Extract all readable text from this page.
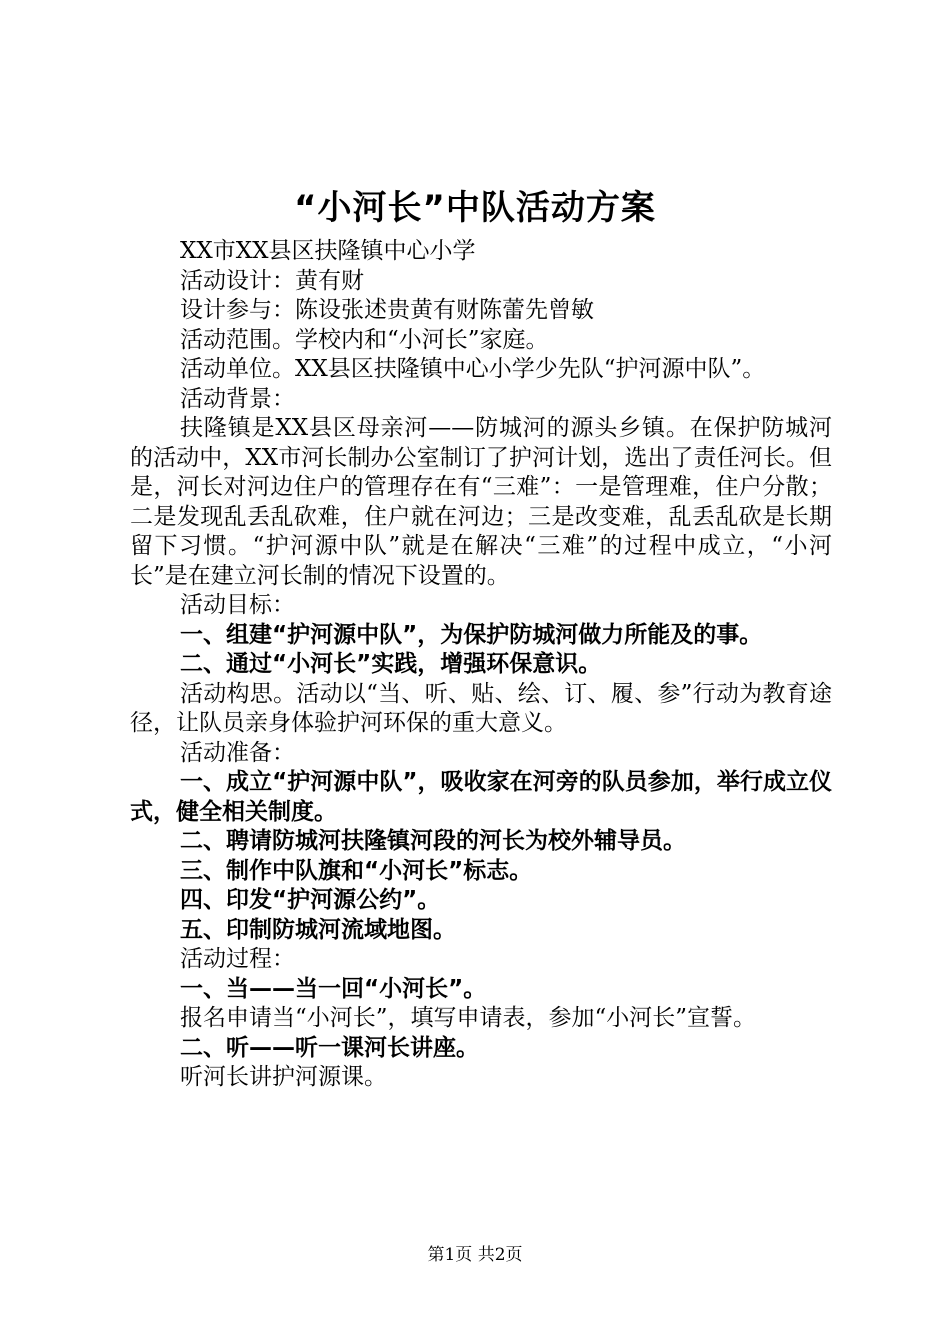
“小河长”中队活动方案

XX市XX县区扶隆镇中心小学

活动设计：黄有财

设计参与：陈设张述贵黄有财陈蕾先曾敏

活动范围。学校内和“小河长”家庭。

活动单位。XX县区扶隆镇中心小学少先队“护河源中队”。

活动背景：

扶隆镇是XX县区母亲河——防城河的源头乡镇。在保护防城河的活动中，XX市河长制办公室制订了护河计划，选出了责任河长。但是，河长对河边住户的管理存在有“三难”：一是管理难，住户分散；二是发现乱丢乱砍难，住户就在河边；三是改变难，乱丢乱砍是长期留下习惯。“护河源中队”就是在解决“三难”的过程中成立，“小河长”是在建立河长制的情况下设置的。

活动目标：

一、组建“护河源中队”，为保护防城河做力所能及的事。

二、通过“小河长”实践，增强环保意识。

活动构思。活动以“当、听、贴、绘、订、履、参”行动为教育途径，让队员亲身体验护河环保的重大意义。

活动准备：

一、成立“护河源中队”，吸收家在河旁的队员参加，举行成立仪式，健全相关制度。

二、聘请防城河扶隆镇河段的河长为校外辅导员。

三、制作中队旗和“小河长”标志。

四、印发“护河源公约”。

五、印制防城河流域地图。

活动过程：

一、当——当一回“小河长”。

报名申请当“小河长”，填写申请表，参加“小河长”宣誓。

二、听——听一课河长讲座。

听河长讲护河源课。

第1页 共2页
